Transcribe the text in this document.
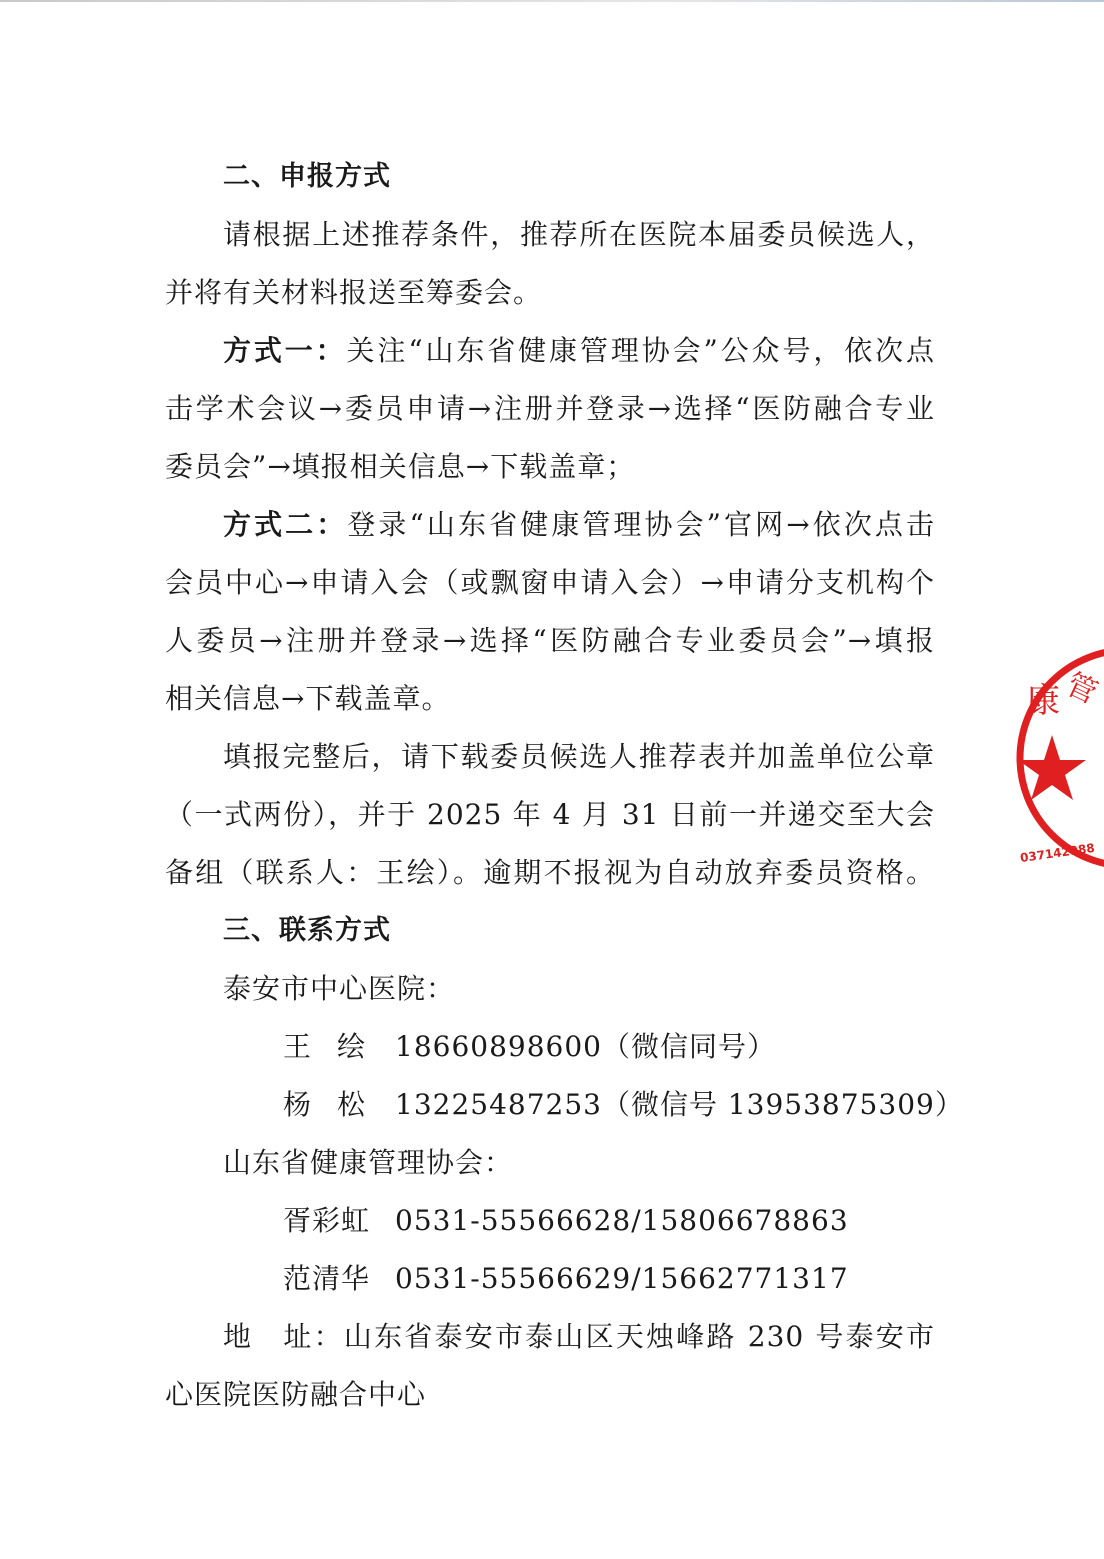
二、申报方式
请根据上述推荐条件，推荐所在医院本届委员候选人，
并将有关材料报送至筹委会。
方式一：关注“山东省健康管理协会”公众号，依次点
击学术会议→委员申请→注册并登录→选择“医防融合专业
委员会”→填报相关信息→下载盖章；
方式二：登录“山东省健康管理协会”官网→依次点击
会员中心→申请入会（或飘窗申请入会）→申请分支机构个
人委员→注册并登录→选择“医防融合专业委员会”→填报
相关信息→下载盖章。
填报完整后，请下载委员候选人推荐表并加盖单位公章
（一式两份），并于 2025 年 4 月 31 日前一并递交至大会
备组（联系人：王绘）。逾期不报视为自动放弃委员资格。
三、联系方式
泰安市中心医院：
王绘 18660898600（微信同号）
杨松 13225487253（微信号 13953875309）
山东省健康管理协会：
胥彩虹 0531-55566628/15806678863
范清华 0531-55566629/15662771317
地　址：山东省泰安市泰山区天烛峰路 230 号泰安市
心医院医防融合中心
康 管
037142988
